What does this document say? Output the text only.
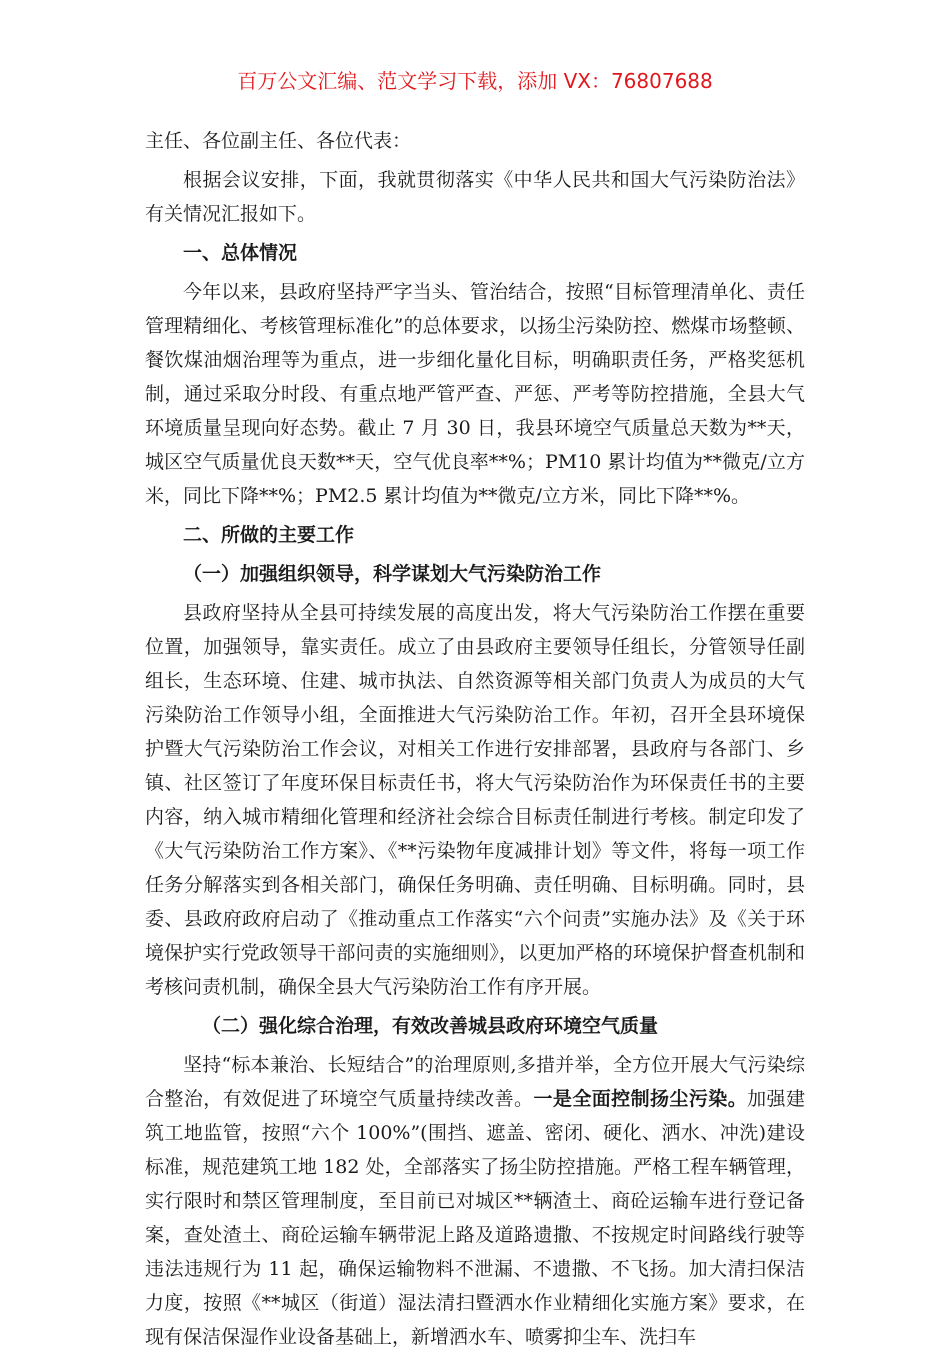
百万公文汇编、范文学习下载，添加 VX：76807688

主任、各位副主任、各位代表：

根据会议安排，下面，我就贯彻落实《中华人民共和国大气污染防治法》有关情况汇报如下。

一、总体情况

今年以来，县政府坚持严字当头、管治结合，按照“目标管理清单化、责任管理精细化、考核管理标准化”的总体要求，以扬尘污染防控、燃煤市场整顿、餐饮煤油烟治理等为重点，进一步细化量化目标，明确职责任务，严格奖惩机制，通过采取分时段、有重点地严管严查、严惩、严考等防控措施，全县大气环境质量呈现向好态势。截止 7 月 30 日，我县环境空气质量总天数为**天，城区空气质量优良天数**天，空气优良率**%；PM10 累计均值为**微克/立方米，同比下降**%；PM2.5 累计均值为**微克/立方米，同比下降**%。

二、所做的主要工作

（一）加强组织领导，科学谋划大气污染防治工作

县政府坚持从全县可持续发展的高度出发，将大气污染防治工作摆在重要位置，加强领导，靠实责任。成立了由县政府主要领导任组长，分管领导任副组长，生态环境、住建、城市执法、自然资源等相关部门负责人为成员的大气污染防治工作领导小组，全面推进大气污染防治工作。年初，召开全县环境保护暨大气污染防治工作会议，对相关工作进行安排部署，县政府与各部门、乡镇、社区签订了年度环保目标责任书，将大气污染防治作为环保责任书的主要内容，纳入城市精细化管理和经济社会综合目标责任制进行考核。制定印发了《大气污染防治工作方案》、《**污染物年度减排计划》等文件，将每一项工作任务分解落实到各相关部门，确保任务明确、责任明确、目标明确。同时，县委、县政府政府启动了《推动重点工作落实“六个问责”实施办法》及《关于环境保护实行党政领导干部问责的实施细则》，以更加严格的环境保护督查机制和考核问责机制，确保全县大气污染防治工作有序开展。

（二）强化综合治理，有效改善城县政府环境空气质量

坚持“标本兼治、长短结合”的治理原则,多措并举，全方位开展大气污染综合整治，有效促进了环境空气质量持续改善。一是全面控制扬尘污染。加强建筑工地监管，按照“六个 100%”(围挡、遮盖、密闭、硬化、洒水、冲洗)建设标准，规范建筑工地 182 处，全部落实了扬尘防控措施。严格工程车辆管理，实行限时和禁区管理制度，至目前已对城区**辆渣土、商砼运输车进行登记备案，查处渣土、商砼运输车辆带泥上路及道路遗撒、不按规定时间路线行驶等违法违规行为 11 起，确保运输物料不泄漏、不遗撒、不飞扬。加大清扫保洁力度，按照《**城区（街道）湿法清扫暨洒水作业精细化实施方案》要求，在现有保洁保湿作业设备基础上，新增洒水车、喷雾抑尘车、洗扫车
